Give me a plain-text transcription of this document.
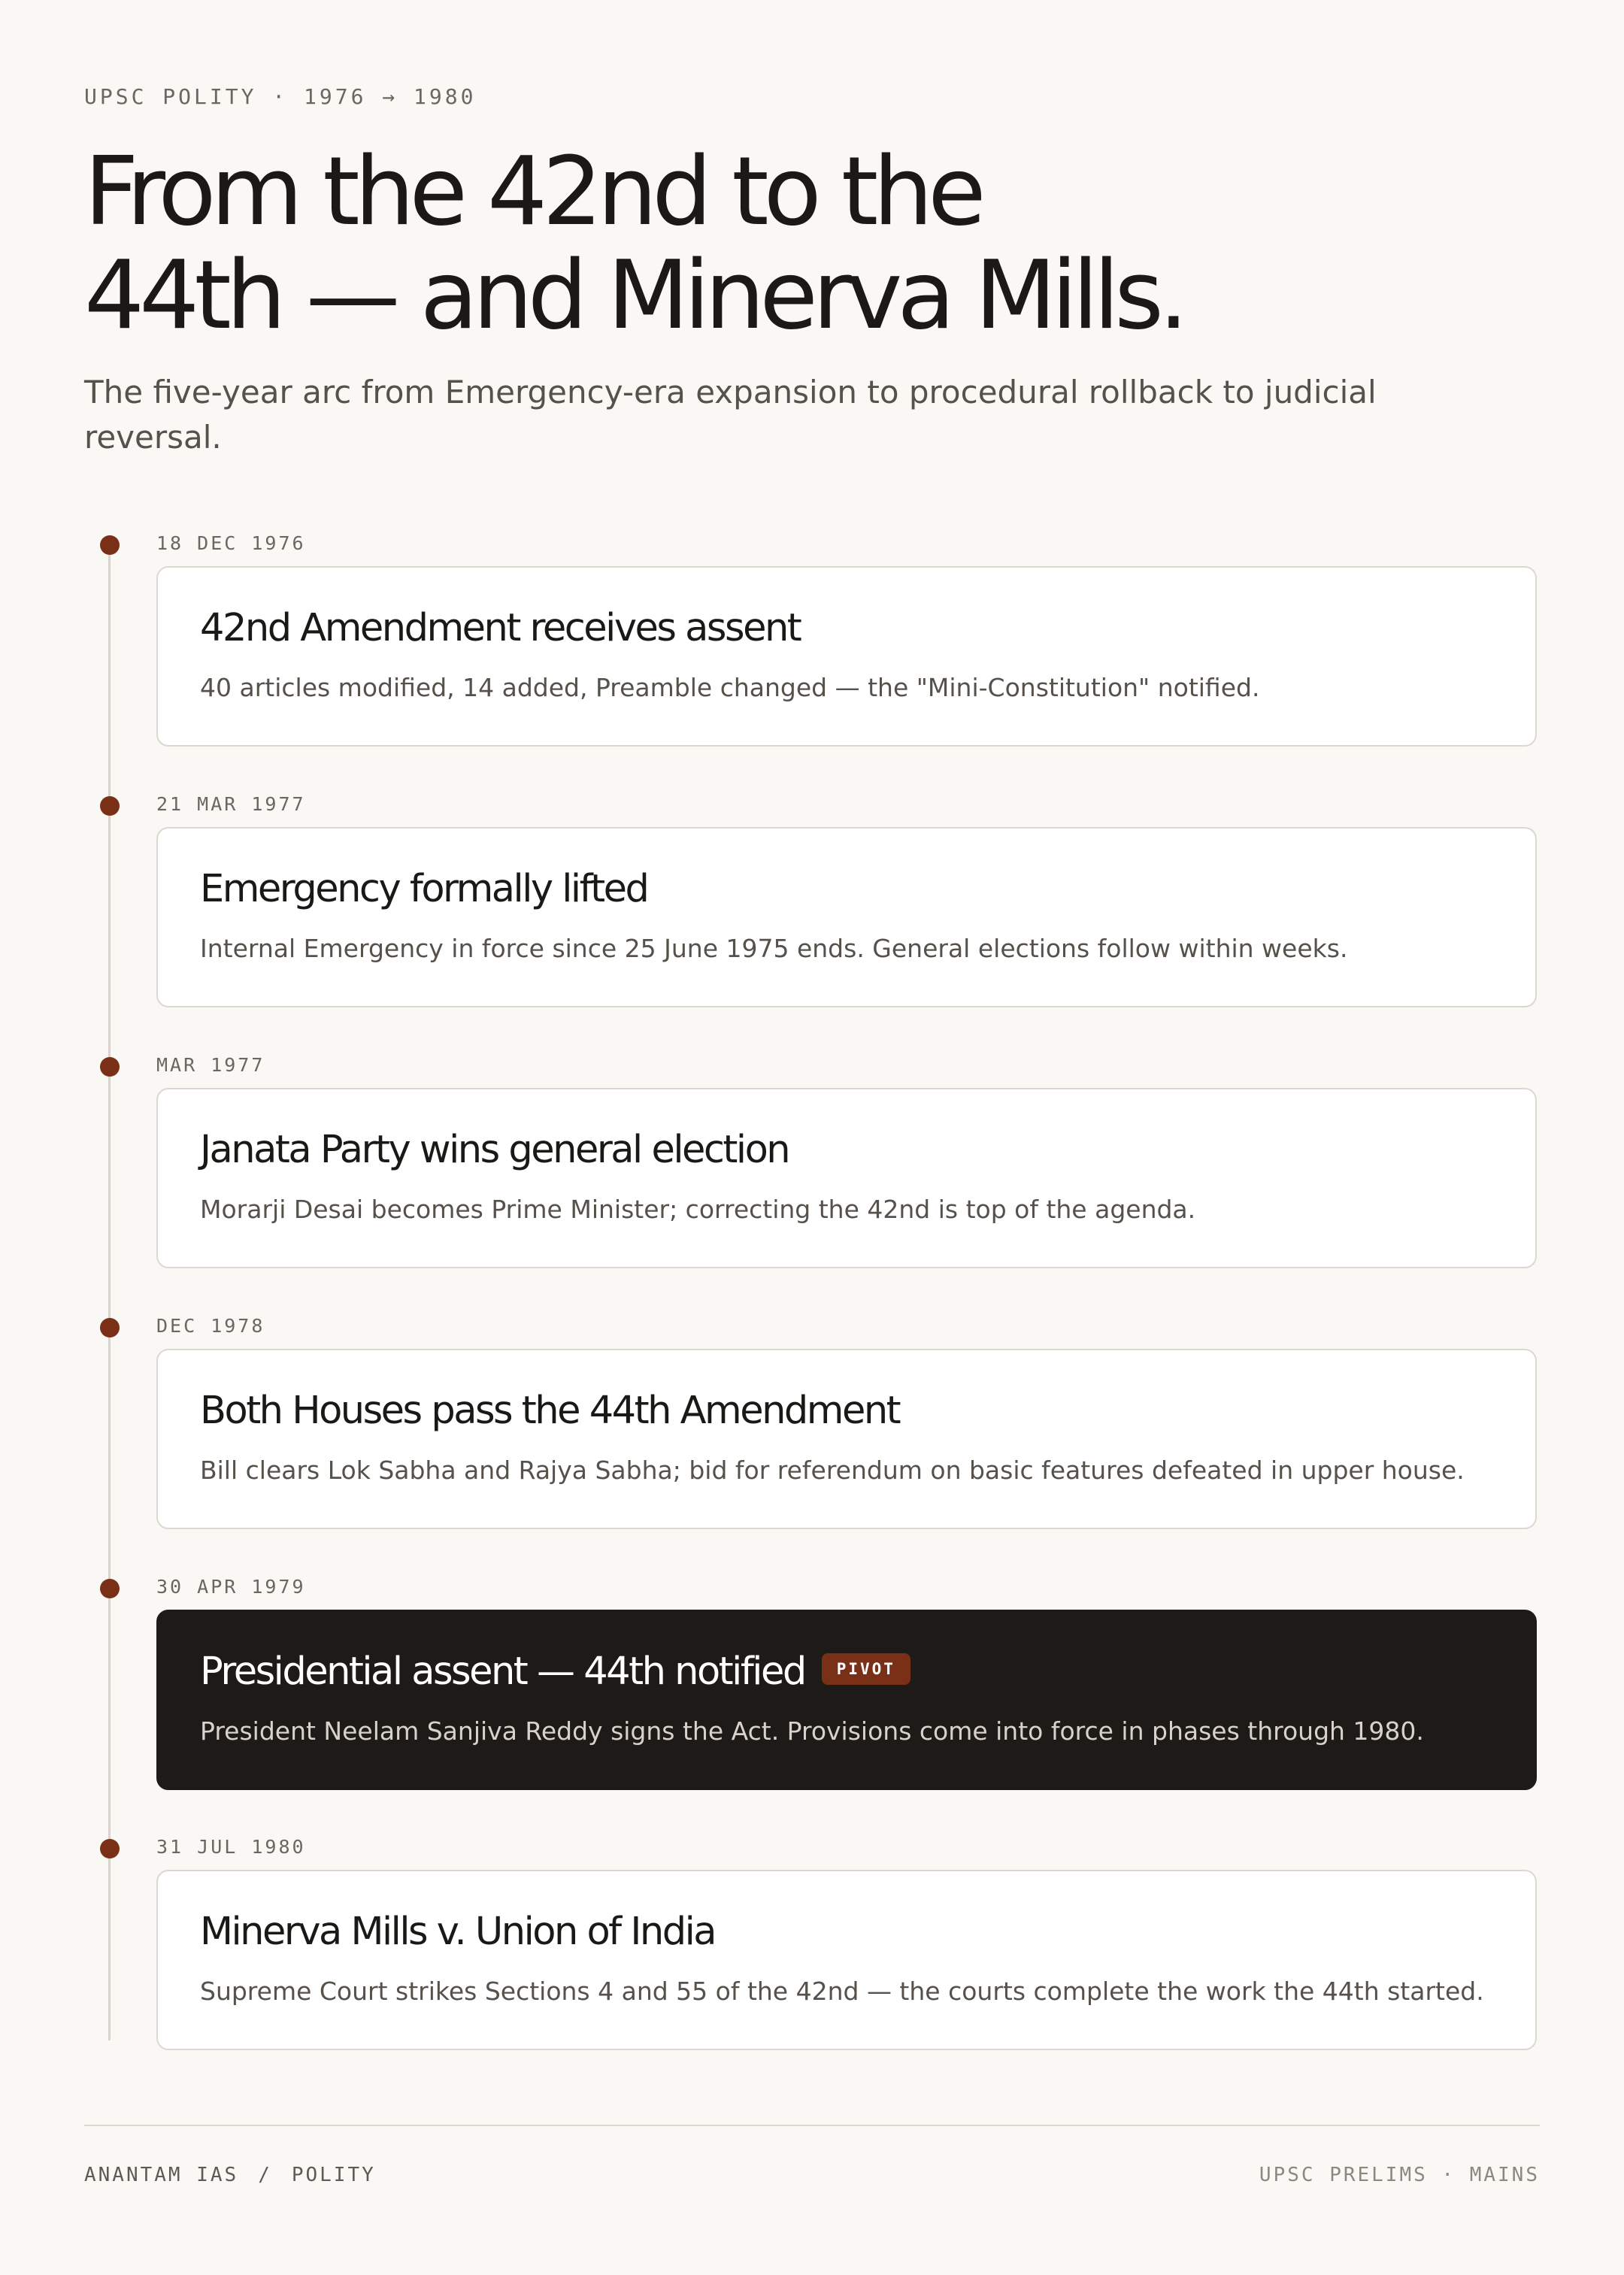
UPSC POLITY · 1976 → 1980
From the 42nd to the
44th — and Minerva Mills.

The five-year arc from Emergency-era expansion to procedural rollback to judicial reversal.

18 DEC 1976
42nd Amendment receives assent

40 articles modified, 14 added, Preamble changed — the "Mini-Constitution" notified.

21 MAR 1977
Emergency formally lifted

Internal Emergency in force since 25 June 1975 ends. General elections follow within weeks.

MAR 1977
Janata Party wins general election

Morarji Desai becomes Prime Minister; correcting the 42nd is top of the agenda.

DEC 1978
Both Houses pass the 44th Amendment

Bill clears Lok Sabha and Rajya Sabha; bid for referendum on basic features defeated in upper house.

30 APR 1979
Presidential assent — 44th notified PIVOT

President Neelam Sanjiva Reddy signs the Act. Provisions come into force in phases through 1980.

31 JUL 1980
Minerva Mills v. Union of India

Supreme Court strikes Sections 4 and 55 of the 42nd — the courts complete the work the 44th started.

ANANTAM IAS / POLITY	UPSC PRELIMS · MAINS
